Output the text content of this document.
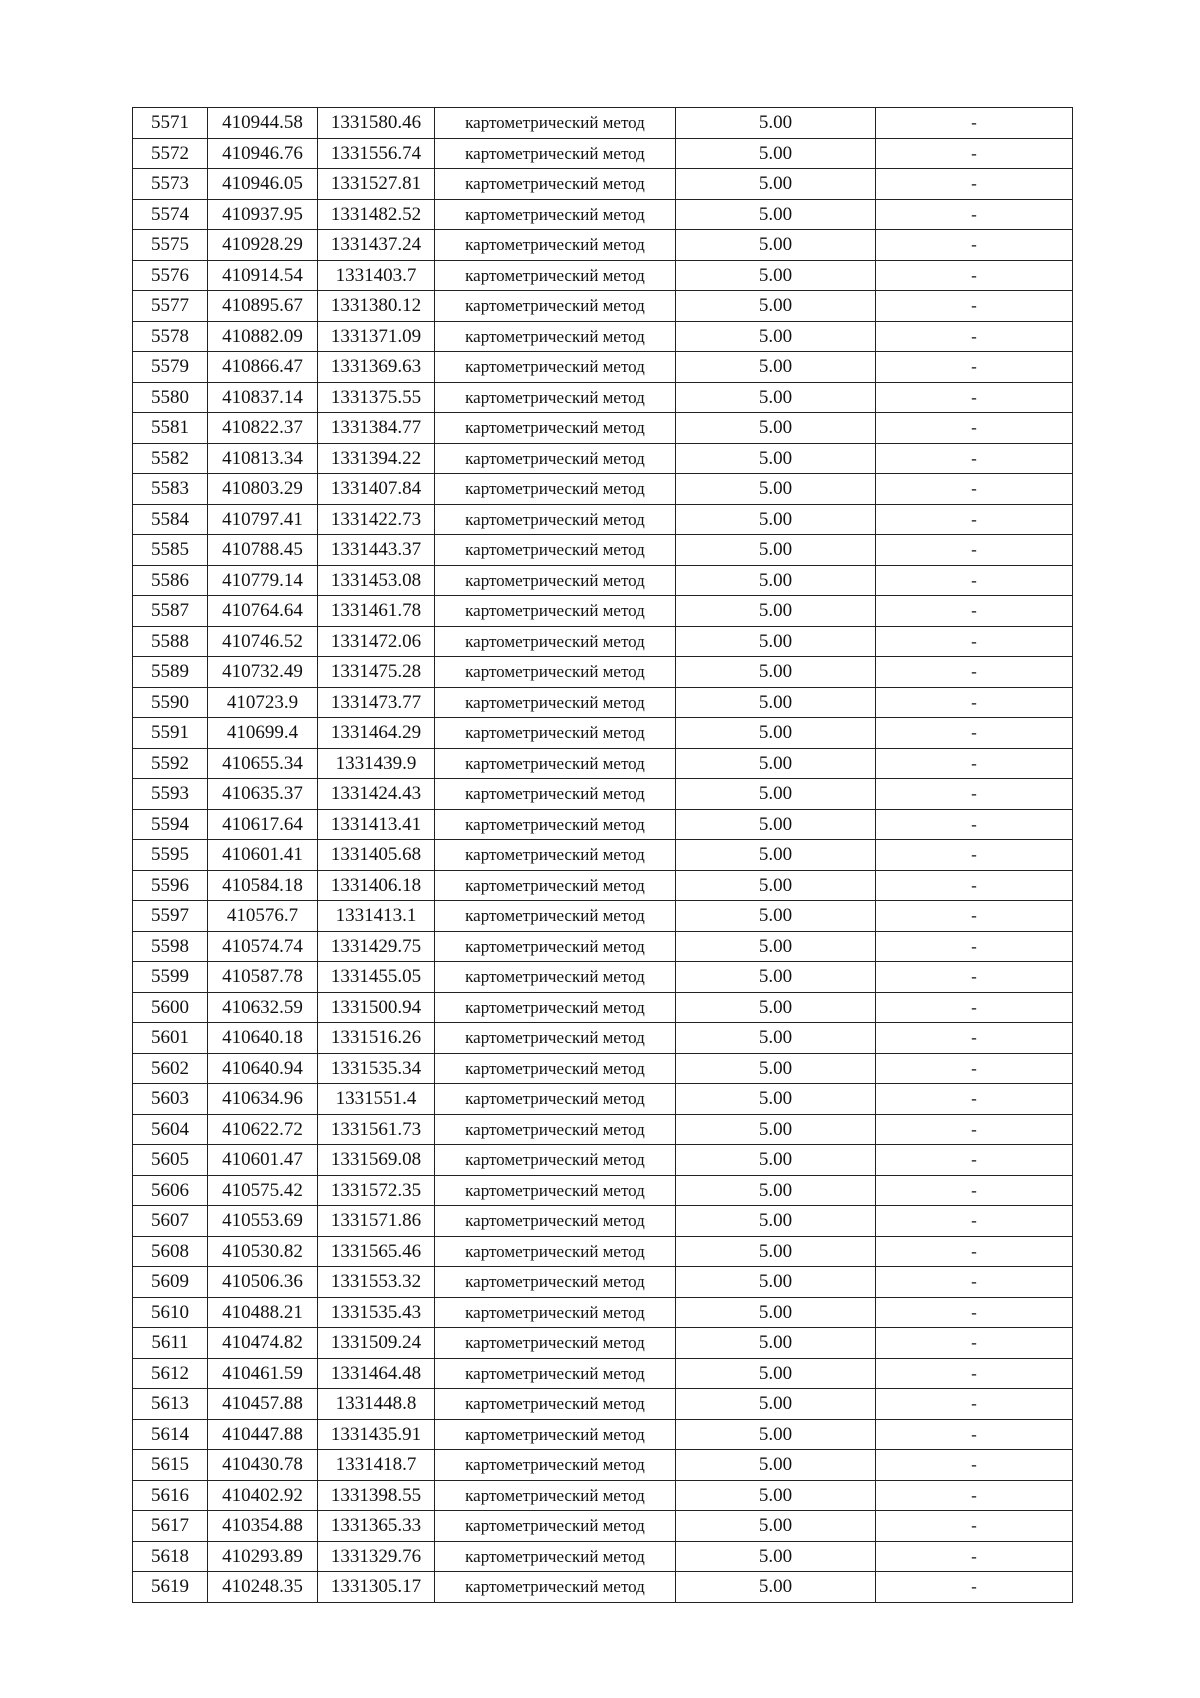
5571	410944.58	1331580.46	картометрический метод	5.00	-
5572	410946.76	1331556.74	картометрический метод	5.00	-
5573	410946.05	1331527.81	картометрический метод	5.00	-
5574	410937.95	1331482.52	картометрический метод	5.00	-
5575	410928.29	1331437.24	картометрический метод	5.00	-
5576	410914.54	1331403.7	картометрический метод	5.00	-
5577	410895.67	1331380.12	картометрический метод	5.00	-
5578	410882.09	1331371.09	картометрический метод	5.00	-
5579	410866.47	1331369.63	картометрический метод	5.00	-
5580	410837.14	1331375.55	картометрический метод	5.00	-
5581	410822.37	1331384.77	картометрический метод	5.00	-
5582	410813.34	1331394.22	картометрический метод	5.00	-
5583	410803.29	1331407.84	картометрический метод	5.00	-
5584	410797.41	1331422.73	картометрический метод	5.00	-
5585	410788.45	1331443.37	картометрический метод	5.00	-
5586	410779.14	1331453.08	картометрический метод	5.00	-
5587	410764.64	1331461.78	картометрический метод	5.00	-
5588	410746.52	1331472.06	картометрический метод	5.00	-
5589	410732.49	1331475.28	картометрический метод	5.00	-
5590	410723.9	1331473.77	картометрический метод	5.00	-
5591	410699.4	1331464.29	картометрический метод	5.00	-
5592	410655.34	1331439.9	картометрический метод	5.00	-
5593	410635.37	1331424.43	картометрический метод	5.00	-
5594	410617.64	1331413.41	картометрический метод	5.00	-
5595	410601.41	1331405.68	картометрический метод	5.00	-
5596	410584.18	1331406.18	картометрический метод	5.00	-
5597	410576.7	1331413.1	картометрический метод	5.00	-
5598	410574.74	1331429.75	картометрический метод	5.00	-
5599	410587.78	1331455.05	картометрический метод	5.00	-
5600	410632.59	1331500.94	картометрический метод	5.00	-
5601	410640.18	1331516.26	картометрический метод	5.00	-
5602	410640.94	1331535.34	картометрический метод	5.00	-
5603	410634.96	1331551.4	картометрический метод	5.00	-
5604	410622.72	1331561.73	картометрический метод	5.00	-
5605	410601.47	1331569.08	картометрический метод	5.00	-
5606	410575.42	1331572.35	картометрический метод	5.00	-
5607	410553.69	1331571.86	картометрический метод	5.00	-
5608	410530.82	1331565.46	картометрический метод	5.00	-
5609	410506.36	1331553.32	картометрический метод	5.00	-
5610	410488.21	1331535.43	картометрический метод	5.00	-
5611	410474.82	1331509.24	картометрический метод	5.00	-
5612	410461.59	1331464.48	картометрический метод	5.00	-
5613	410457.88	1331448.8	картометрический метод	5.00	-
5614	410447.88	1331435.91	картометрический метод	5.00	-
5615	410430.78	1331418.7	картометрический метод	5.00	-
5616	410402.92	1331398.55	картометрический метод	5.00	-
5617	410354.88	1331365.33	картометрический метод	5.00	-
5618	410293.89	1331329.76	картометрический метод	5.00	-
5619	410248.35	1331305.17	картометрический метод	5.00	-
